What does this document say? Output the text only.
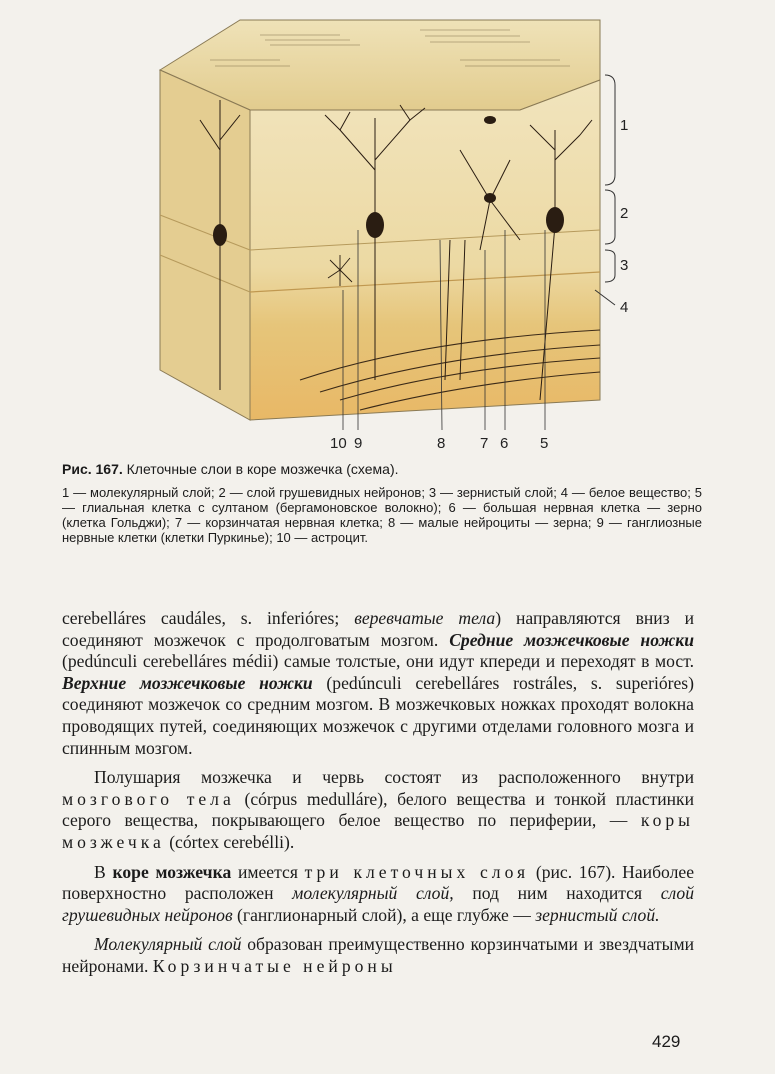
1
2
3
4
10 9	8 7 6 5
Рис. 167. Клеточные слои в коре мозжечка (схема).
1 — молекулярный слой; 2 — слой грушевидных нейронов; 3 — зернистый слой; 4 — белое вещество; 5 — глиальная клетка с султаном (бергамоновское волокно); 6 — большая нервная клетка — зерно (клетка Гольджи); 7 — корзинчатая нервная клетка; 8 — малые нейроциты — зерна; 9 — ганглиозные нервные клетки (клетки Пуркинье); 10 — астроцит.

cerebelláres caudáles, s. inferióres; веревчатые тела) направляются вниз и соединяют мозжечок с продолговатым мозгом. Средние мозжечковые ножки (pedúnculi cerebelláres médii) самые толстые, они идут кпереди и переходят в мост. Верхние мозжечковые ножки (pedúnculi cerebelláres rostráles, s. superióres) соединяют мозжечок со средним мозгом. В мозжечковых ножках проходят волокна проводящих путей, соединяющих мозжечок с другими отделами головного мозга и спинным мозгом.

Полушария мозжечка и червь состоят из расположенного внутри мозгового тела (córpus medulláre), белого вещества и тонкой пластинки серого вещества, покрывающего белое вещество по периферии, — коры мозжечка (córtex cerebélli).

В коре мозжечка имеется три клеточных слоя (рис. 167). Наиболее поверхностно расположен молекулярный слой, под ним находится слой грушевидных нейронов (ганглионарный слой), а еще глубже — зернистый слой.

Молекулярный слой образован преимущественно корзинчатыми и звездчатыми нейронами. Корзинчатые нейроны

429
